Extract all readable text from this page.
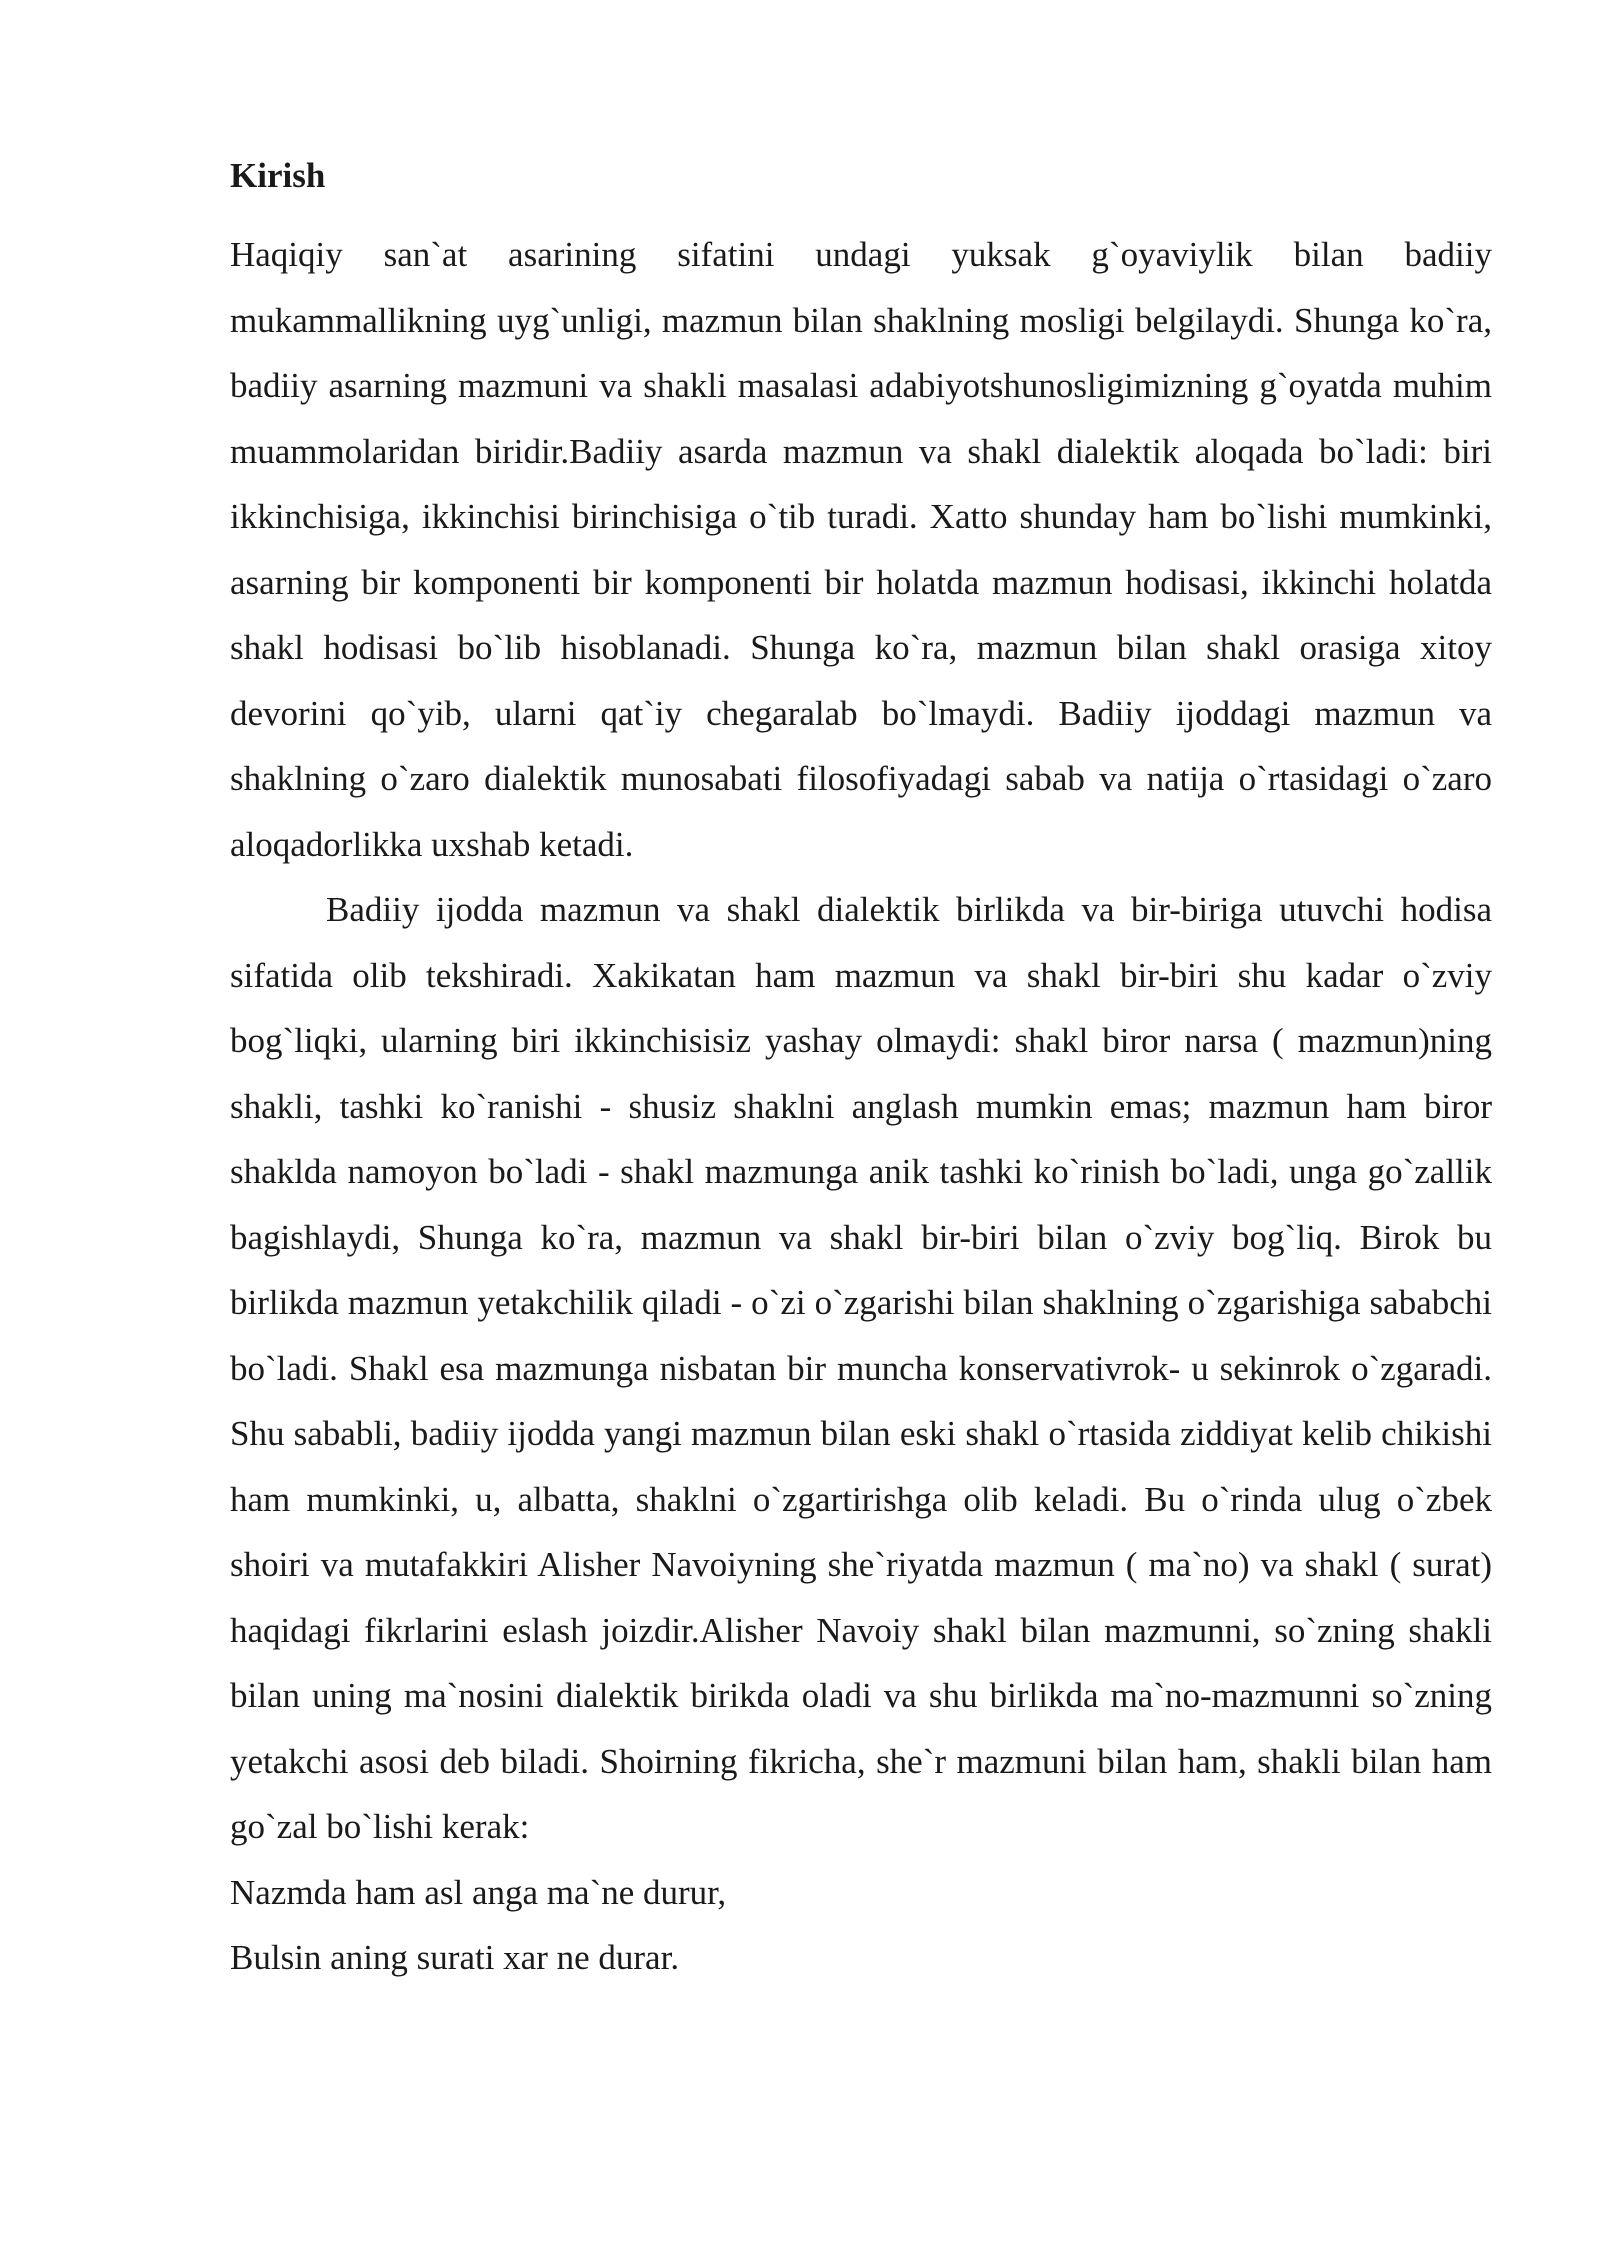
Kirish

Haqiqiy san`at asarining sifatini undagi yuksak g`oyaviylik bilan badiiy mukammallikning uyg`unligi, mazmun bilan shaklning mosligi belgilaydi. Shunga ko`ra, badiiy asarning mazmuni va shakli masalasi adabiyotshunosligimizning g`oyatda muhim muammolaridan biridir.Badiiy asarda mazmun va shakl dialektik aloqada bo`ladi: biri ikkinchisiga, ikkinchisi birinchisiga o`tib turadi. Xatto shunday ham bo`lishi mumkinki, asarning bir komponenti bir komponenti bir holatda mazmun hodisasi, ikkinchi holatda shakl hodisasi bo`lib hisoblanadi. Shunga ko`ra, mazmun bilan shakl orasiga xitoy devorini qo`yib, ularni qat`iy chegaralab bo`lmaydi. Badiiy ijoddagi mazmun va shaklning o`zaro dialektik munosabati filosofiyadagi sabab va natija o`rtasidagi o`zaro aloqadorlikka uxshab ketadi.

Badiiy ijodda mazmun va shakl dialektik birlikda va bir-biriga utuvchi hodisa sifatida olib tekshiradi. Xakikatan ham mazmun va shakl bir-biri shu kadar o`zviy bog`liqki, ularning biri ikkinchisisiz yashay olmaydi: shakl biror narsa ( mazmun)ning shakli, tashki ko`ranishi - shusiz shaklni anglash mumkin emas; mazmun ham biror shaklda namoyon bo`ladi - shakl mazmunga anik tashki ko`rinish bo`ladi, unga go`zallik bagishlaydi, Shunga ko`ra, mazmun va shakl bir-biri bilan o`zviy bog`liq. Birok bu birlikda mazmun yetakchilik qiladi - o`zi o`zgarishi bilan shaklning o`zgarishiga sababchi bo`ladi. Shakl esa mazmunga nisbatan bir muncha konservativrok- u sekinrok o`zgaradi. Shu sababli, badiiy ijodda yangi mazmun bilan eski shakl o`rtasida ziddiyat kelib chikishi ham mumkinki, u, albatta, shaklni o`zgartirishga olib keladi. Bu o`rinda ulug o`zbek shoiri va mutafakkiri Alisher Navoiyning she`riyatda mazmun ( ma`no) va shakl ( surat) haqidagi fikrlarini eslash joizdir.Alisher Navoiy shakl bilan mazmunni, so`zning shakli bilan uning ma`nosini dialektik birikda oladi va shu birlikda ma`no-mazmunni so`zning yetakchi asosi deb biladi. Shoirning fikricha, she`r mazmuni bilan ham, shakli bilan ham go`zal bo`lishi kerak:

Nazmda ham asl anga ma`ne durur,

Bulsin aning surati xar ne durar.
